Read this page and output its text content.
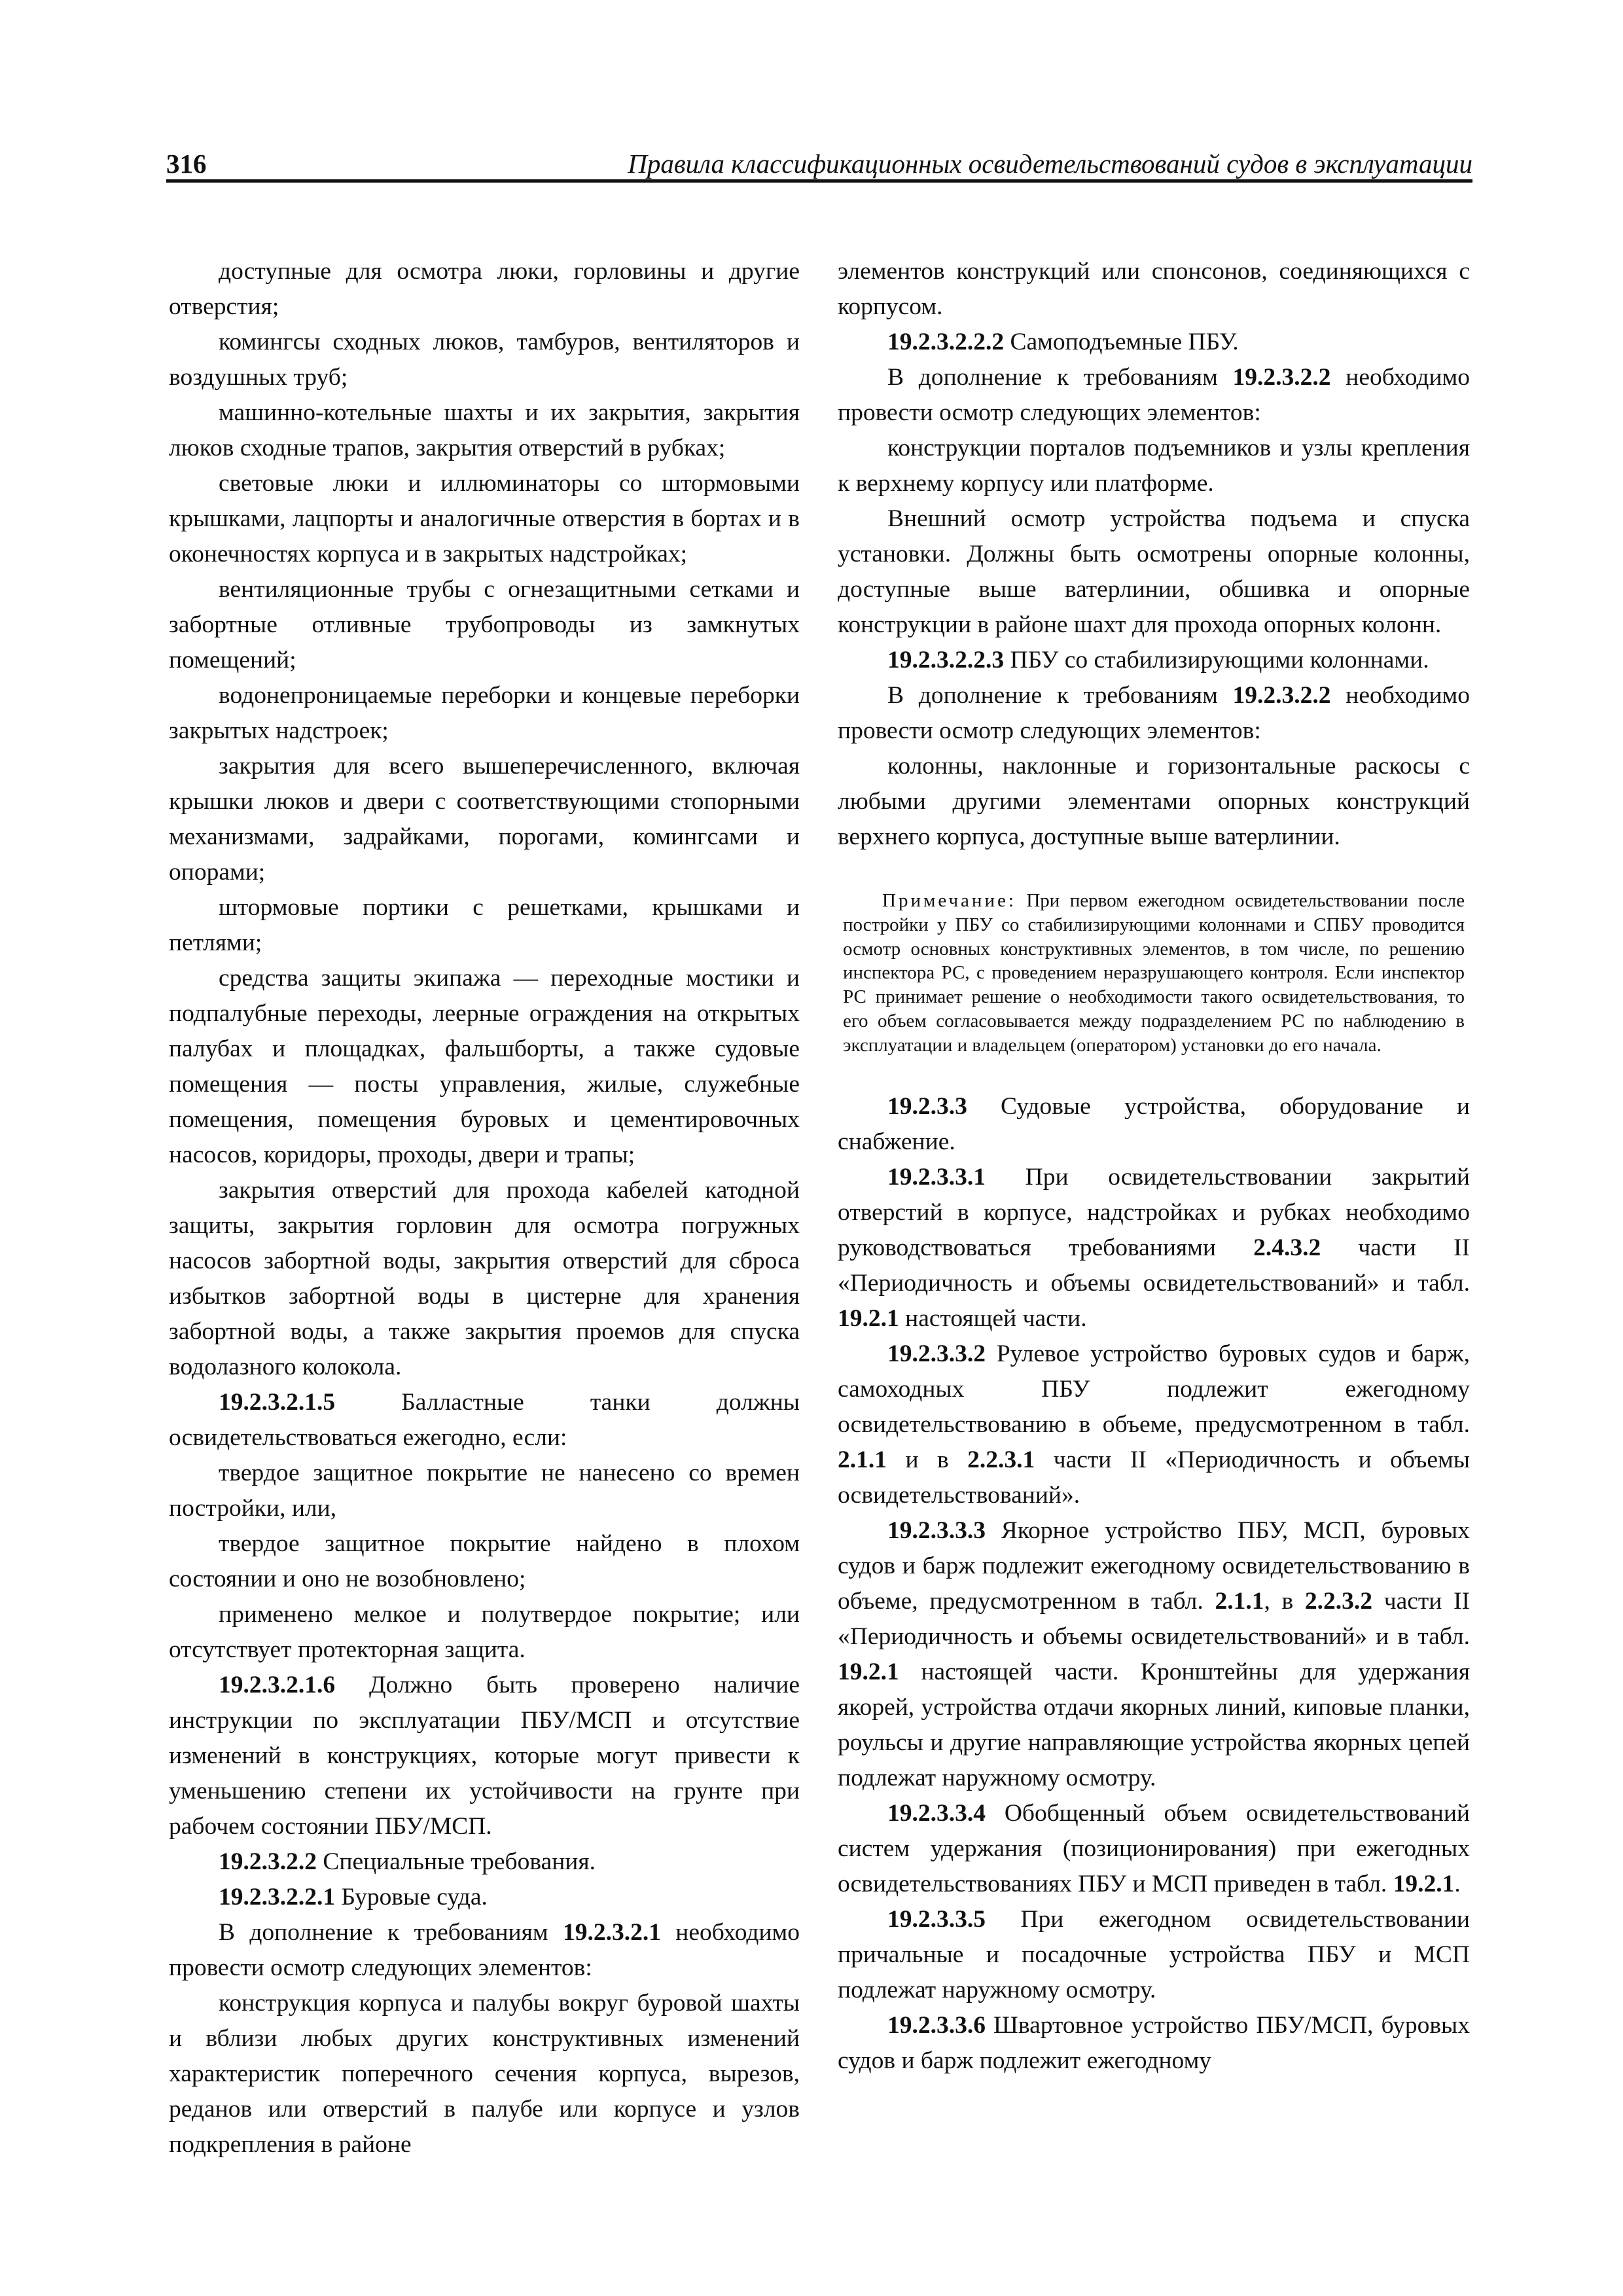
316	Правила классификационных освидетельствований судов в эксплуатации

доступные для осмотра люки, горловины и другие отверстия;

комингсы сходных люков, тамбуров, вентиляторов и воздушных труб;

машинно-котельные шахты и их закрытия, закрытия люков сходные трапов, закрытия отверстий в рубках;

световые люки и иллюминаторы со штормовыми крышками, лацпорты и аналогичные отверстия в бортах и в оконечностях корпуса и в закрытых надстройках;

вентиляционные трубы с огнезащитными сетками и забортные отливные трубопроводы из замкнутых помещений;

водонепроницаемые переборки и концевые переборки закрытых надстроек;

закрытия для всего вышеперечисленного, включая крышки люков и двери с соответствующими стопорными механизмами, задрайками, порогами, комингсами и опорами;

штормовые портики с решетками, крышками и петлями;

средства защиты экипажа — переходные мостики и подпалубные переходы, леерные ограждения на открытых палубах и площадках, фальшборты, а также судовые помещения — посты управления, жилые, служебные помещения, помещения буровых и цементировочных насосов, коридоры, проходы, двери и трапы;

закрытия отверстий для прохода кабелей катодной защиты, закрытия горловин для осмотра погружных насосов забортной воды, закрытия отверстий для сброса избытков забортной воды в цистерне для хранения забортной воды, а также закрытия проемов для спуска водолазного колокола.

19.2.3.2.1.5 Балластные танки должны освидетельствоваться ежегодно, если:

твердое защитное покрытие не нанесено со времен постройки, или,

твердое защитное покрытие найдено в плохом состоянии и оно не возобновлено;

применено мелкое и полутвердое покрытие; или отсутствует протекторная защита.

19.2.3.2.1.6 Должно быть проверено наличие инструкции по эксплуатации ПБУ/МСП и отсутствие изменений в конструкциях, которые могут привести к уменьшению степени их устойчивости на грунте при рабочем состоянии ПБУ/МСП.

19.2.3.2.2 Специальные требования.

19.2.3.2.2.1 Буровые суда.

В дополнение к требованиям 19.2.3.2.1 необходимо провести осмотр следующих элементов:

конструкция корпуса и палубы вокруг буровой шахты и вблизи любых других конструктивных изменений характеристик поперечного сечения корпуса, вырезов, реданов или отверстий в палубе или корпусе и узлов подкрепления в районе

элементов конструкций или спонсонов, соединяющихся с корпусом.

19.2.3.2.2.2 Самоподъемные ПБУ.

В дополнение к требованиям 19.2.3.2.2 необходимо провести осмотр следующих элементов:

конструкции порталов подъемников и узлы крепления к верхнему корпусу или платформе.

Внешний осмотр устройства подъема и спуска установки. Должны быть осмотрены опорные колонны, доступные выше ватерлинии, обшивка и опорные конструкции в районе шахт для прохода опорных колонн.

19.2.3.2.2.3 ПБУ со стабилизирующими колоннами.

В дополнение к требованиям 19.2.3.2.2 необходимо провести осмотр следующих элементов:

колонны, наклонные и горизонтальные раскосы с любыми другими элементами опорных конструкций верхнего корпуса, доступные выше ватерлинии.

Примечание: При первом ежегодном освидетельствовании после постройки у ПБУ со стабилизирующими колоннами и СПБУ проводится осмотр основных конструктивных элементов, в том числе, по решению инспектора РС, с проведением неразрушающего контроля. Если инспектор РС принимает решение о необходимости такого освидетельствования, то его объем согласовывается между подразделением РС по наблюдению в эксплуатации и владельцем (оператором) установки до его начала.

19.2.3.3 Судовые устройства, оборудование и снабжение.

19.2.3.3.1 При освидетельствовании закрытий отверстий в корпусе, надстройках и рубках необходимо руководствоваться требованиями 2.4.3.2 части II «Периодичность и объемы освидетельствований» и табл. 19.2.1 настоящей части.

19.2.3.3.2 Рулевое устройство буровых судов и барж, самоходных ПБУ подлежит ежегодному освидетельствованию в объеме, предусмотренном в табл. 2.1.1 и в 2.2.3.1 части II «Периодичность и объемы освидетельствований».

19.2.3.3.3 Якорное устройство ПБУ, МСП, буровых судов и барж подлежит ежегодному освидетельствованию в объеме, предусмотренном в табл. 2.1.1, в 2.2.3.2 части II «Периодичность и объемы освидетельствований» и в табл. 19.2.1 настоящей части. Кронштейны для удержания якорей, устройства отдачи якорных линий, киповые планки, роульсы и другие направляющие устройства якорных цепей подлежат наружному осмотру.

19.2.3.3.4 Обобщенный объем освидетельствований систем удержания (позиционирования) при ежегодных освидетельствованиях ПБУ и МСП приведен в табл. 19.2.1.

19.2.3.3.5 При ежегодном освидетельствовании причальные и посадочные устройства ПБУ и МСП подлежат наружному осмотру.

19.2.3.3.6 Швартовное устройство ПБУ/МСП, буровых судов и барж подлежит ежегодному
